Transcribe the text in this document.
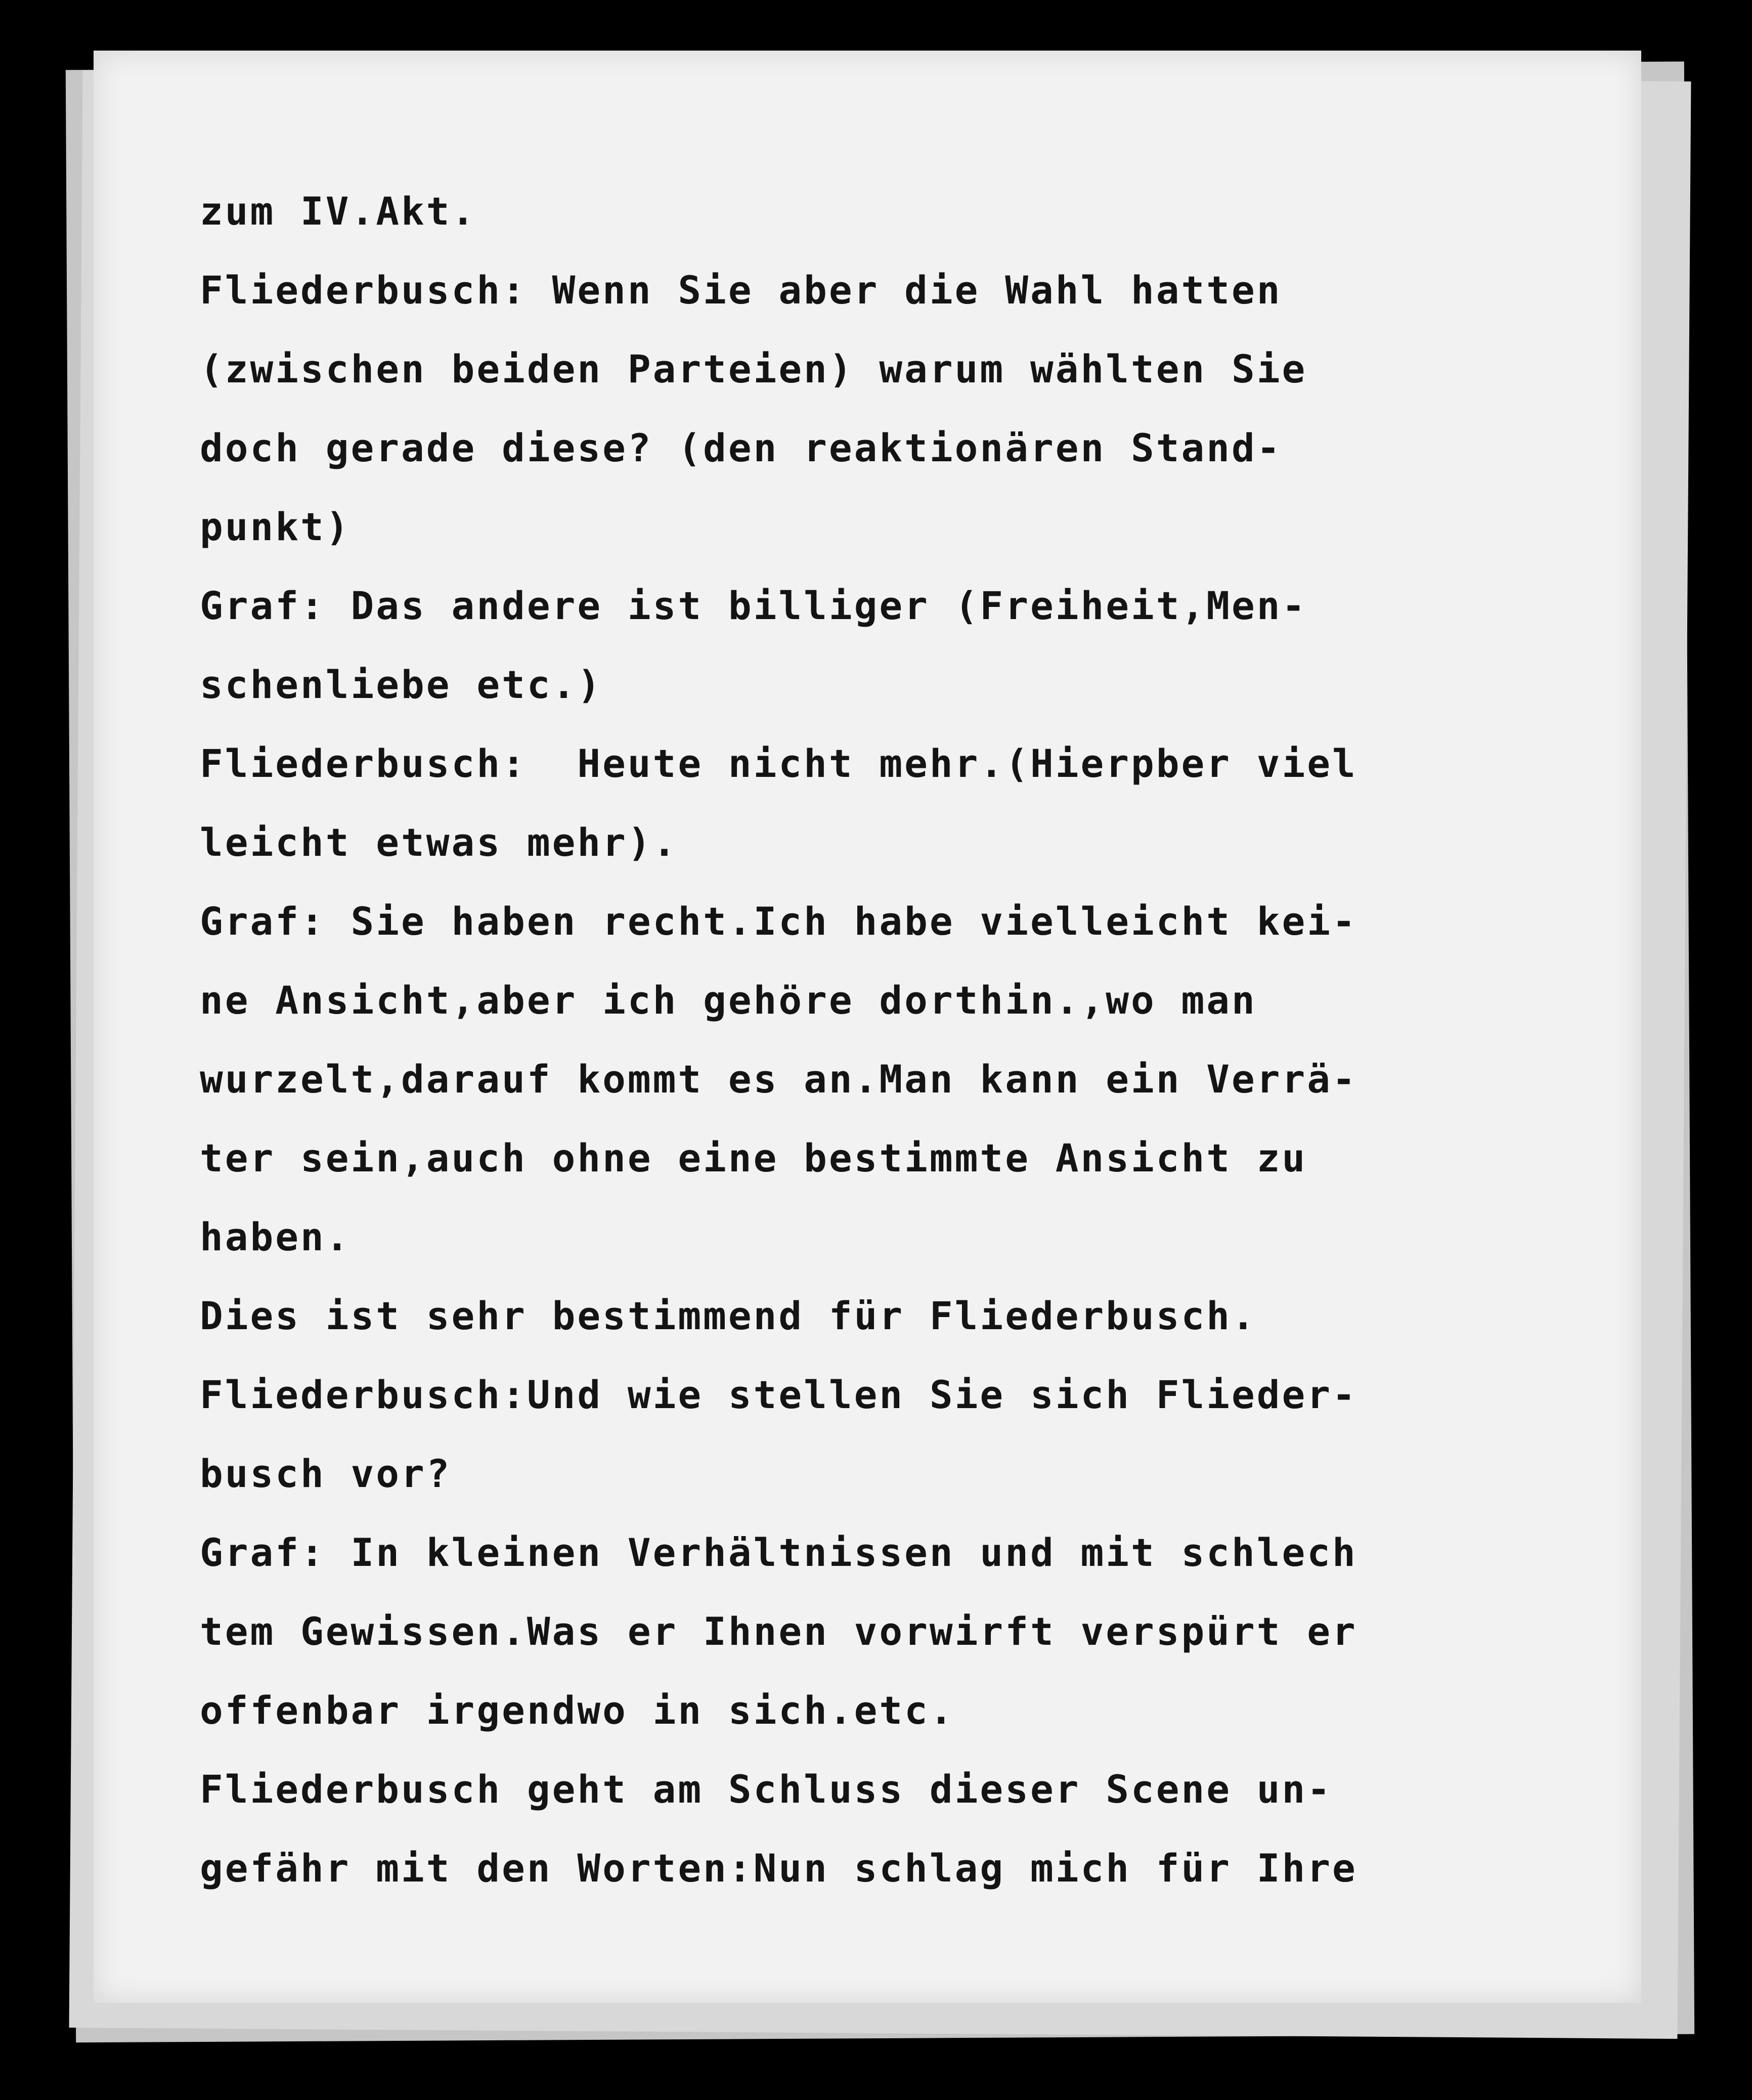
zum IV.Akt.
Fliederbusch: Wenn Sie aber die Wahl hatten
(zwischen beiden Parteien) warum wählten Sie
doch gerade diese? (den reaktionären Stand-
punkt)
Graf: Das andere ist billiger (Freiheit,Men-
schenliebe etc.)
Fliederbusch:  Heute nicht mehr.(Hierpber viel
leicht etwas mehr).
Graf: Sie haben recht.Ich habe vielleicht kei-
ne Ansicht,aber ich gehöre dorthin.,wo man
wurzelt,darauf kommt es an.Man kann ein Verrä-
ter sein,auch ohne eine bestimmte Ansicht zu
haben.
Dies ist sehr bestimmend für Fliederbusch.
Fliederbusch:Und wie stellen Sie sich Flieder-
busch vor?
Graf: In kleinen Verhältnissen und mit schlech
tem Gewissen.Was er Ihnen vorwirft verspürt er
offenbar irgendwo in sich.etc.
Fliederbusch geht am Schluss dieser Scene un-
gefähr mit den Worten:Nun schlag mich für Ihre
